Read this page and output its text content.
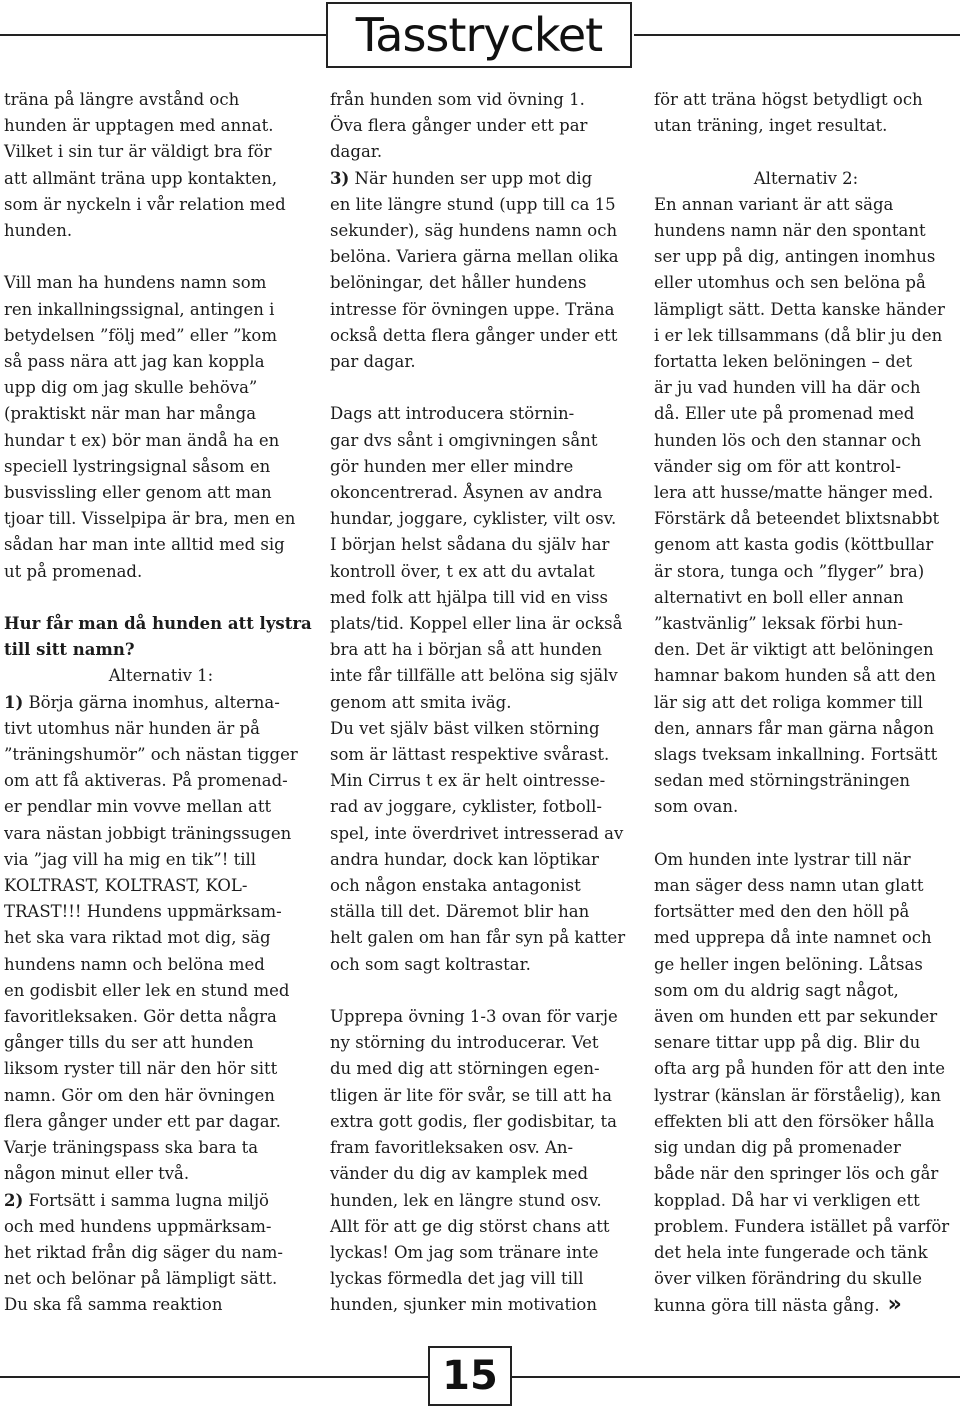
Tasstrycket

träna på längre avstånd och

hunden är upptagen med annat.

Vilket i sin tur är väldigt bra för

att allmänt träna upp kontakten,

som är nyckeln i vår relation med

hunden.

Vill man ha hundens namn som

ren inkallningssignal, antingen i

betydelsen ”följ med” eller ”kom

så pass nära att jag kan koppla

upp dig om jag skulle behöva”

(praktiskt när man har många

hundar t ex) bör man ändå ha en

speciell lystringsignal såsom en

busvissling eller genom att man

tjoar till. Visselpipa är bra, men en

sådan har man inte alltid med sig

ut på promenad.

Hur får man då hunden att lystra

till sitt namn?

Alternativ 1:

1) Börja gärna inomhus, alterna-

tivt utomhus när hunden är på

”träningshumör” och nästan tigger

om att få aktiveras. På promenad-

er pendlar min vovve mellan att

vara nästan jobbigt träningssugen

via ”jag vill ha mig en tik”! till

KOLTRAST, KOLTRAST, KOL-

TRAST!!! Hundens uppmärksam-

het ska vara riktad mot dig, säg

hundens namn och belöna med

en godisbit eller lek en stund med

favoritleksaken. Gör detta några

gånger tills du ser att hunden

liksom ryster till när den hör sitt

namn. Gör om den här övningen

flera gånger under ett par dagar.

Varje träningspass ska bara ta

någon minut eller två.

2) Fortsätt i samma lugna miljö

och med hundens uppmärksam-

het riktad från dig säger du nam-

net och belönar på lämpligt sätt.

Du ska få samma reaktion

från hunden som vid övning 1.

Öva flera gånger under ett par

dagar.

3) När hunden ser upp mot dig

en lite längre stund (upp till ca 15

sekunder), säg hundens namn och

belöna. Variera gärna mellan olika

belöningar, det håller hundens

intresse för övningen uppe. Träna

också detta flera gånger under ett

par dagar.

Dags att introducera störnin-

gar dvs sånt i omgivningen sånt

gör hunden mer eller mindre

okoncentrerad. Åsynen av andra

hundar, joggare, cyklister, vilt osv.

I början helst sådana du själv har

kontroll över, t ex att du avtalat

med folk att hjälpa till vid en viss

plats/tid. Koppel eller lina är också

bra att ha i början så att hunden

inte får tillfälle att belöna sig själv

genom att smita iväg.

Du vet själv bäst vilken störning

som är lättast respektive svårast.

Min Cirrus t ex är helt ointresse-

rad av joggare, cyklister, fotboll-

spel, inte överdrivet intresserad av

andra hundar, dock kan löptikar

och någon enstaka antagonist

ställa till det. Däremot blir han

helt galen om han får syn på katter

och som sagt koltrastar.

Upprepa övning 1-3 ovan för varje

ny störning du introducerar. Vet

du med dig att störningen egen-

tligen är lite för svår, se till att ha

extra gott godis, fler godisbitar, ta

fram favoritleksaken osv. An-

vänder du dig av kamplek med

hunden, lek en längre stund osv.

Allt för att ge dig störst chans att

lyckas! Om jag som tränare inte

lyckas förmedla det jag vill till

hunden, sjunker min motivation

för att träna högst betydligt och

utan träning, inget resultat.

Alternativ 2:

En annan variant är att säga

hundens namn när den spontant

ser upp på dig, antingen inomhus

eller utomhus och sen belöna på

lämpligt sätt. Detta kanske händer

i er lek tillsammans (då blir ju den

fortatta leken belöningen – det

är ju vad hunden vill ha där och

då. Eller ute på promenad med

hunden lös och den stannar och

vänder sig om för att kontrol-

lera att husse/matte hänger med.

Förstärk då beteendet blixtsnabbt

genom att kasta godis (köttbullar

är stora, tunga och ”flyger” bra)

alternativt en boll eller annan

”kastvänlig” leksak förbi hun-

den. Det är viktigt att belöningen

hamnar bakom hunden så att den

lär sig att det roliga kommer till

den, annars får man gärna någon

slags tveksam inkallning. Fortsätt

sedan med störningsträningen

som ovan.

Om hunden inte lystrar till när

man säger dess namn utan glatt

fortsätter med den den höll på

med upprepa då inte namnet och

ge heller ingen belöning. Låtsas

som om du aldrig sagt något,

även om hunden ett par sekunder

senare tittar upp på dig. Blir du

ofta arg på hunden för att den inte

lystrar (känslan är förståelig), kan

effekten bli att den försöker hålla

sig undan dig på promenader

både när den springer lös och går

kopplad. Då har vi verkligen ett

problem. Fundera istället på varför

det hela inte fungerade och tänk

över vilken förändring du skulle

kunna göra till nästa gång. »

15
